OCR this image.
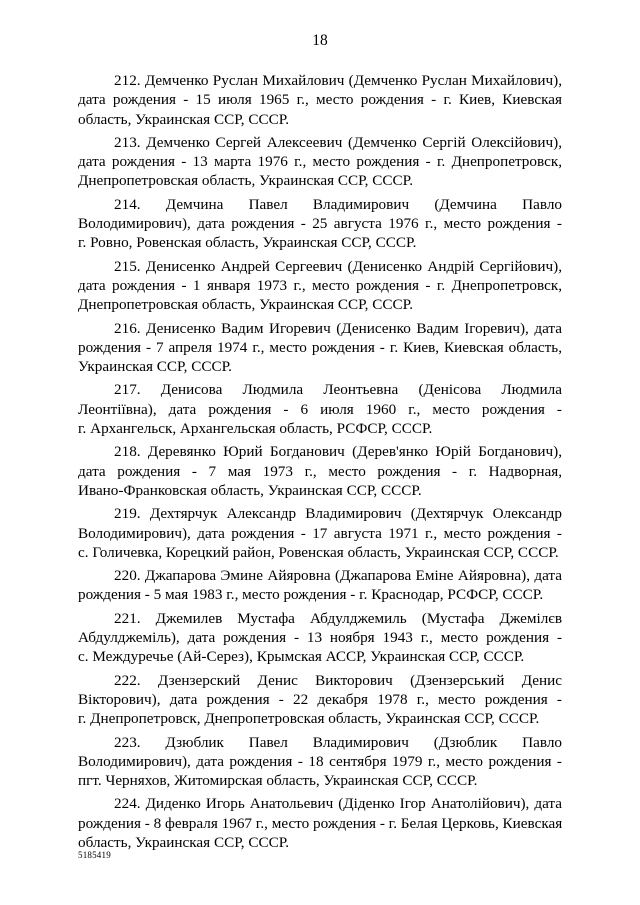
18
212. Демченко Руслан Михайлович (Демченко Руслан Михайлович),
дата рождения - 15 июля 1965 г., место рождения - г. Киев, Киевская
область, Украинская ССР, СССР.
213. Демченко Сергей Алексеевич (Демченко Сергій Олексійович),
дата рождения - 13 марта 1976 г., место рождения - г. Днепропетровск,
Днепропетровская область, Украинская ССР, СССР.
214. Демчина Павел Владимирович (Демчина Павло
Володимирович), дата рождения - 25 августа 1976 г., место рождения -
г. Ровно, Ровенская область, Украинская ССР, СССР.
215. Денисенко Андрей Сергеевич (Денисенко Андрій Сергійович),
дата рождения - 1 января 1973 г., место рождения - г. Днепропетровск,
Днепропетровская область, Украинская ССР, СССР.
216. Денисенко Вадим Игоревич (Денисенко Вадим Ігоревич), дата
рождения - 7 апреля 1974 г., место рождения - г. Киев, Киевская область,
Украинская ССР, СССР.
217. Денисова Людмила Леонтьевна (Денісова Людмила
Леонтіївна), дата рождения - 6 июля 1960 г., место рождения -
г. Архангельск, Архангельская область, РСФСР, СССР.
218. Деревянко Юрий Богданович (Дерев'янко Юрій Богданович),
дата рождения - 7 мая 1973 г., место рождения - г. Надворная,
Ивано-Франковская область, Украинская ССР, СССР.
219. Дехтярчук Александр Владимирович (Дехтярчук Олександр
Володимирович), дата рождения - 17 августа 1971 г., место рождения -
с. Голичевка, Корецкий район, Ровенская область, Украинская ССР, СССР.
220. Джапарова Эмине Айяровна (Джапарова Еміне Айяровна), дата
рождения - 5 мая 1983 г., место рождения - г. Краснодар, РСФСР, СССР.
221. Джемилев Мустафа Абдулджемиль (Мустафа Джемілєв
Абдулджеміль), дата рождения - 13 ноября 1943 г., место рождения -
с. Междуречье (Ай-Серез), Крымская АССР, Украинская ССР, СССР.
222. Дзензерский Денис Викторович (Дзензерський Денис
Вікторович), дата рождения - 22 декабря 1978 г., место рождения -
г. Днепропетровск, Днепропетровская область, Украинская ССР, СССР.
223. Дзюблик Павел Владимирович (Дзюблик Павло
Володимирович), дата рождения - 18 сентября 1979 г., место рождения -
пгт. Черняхов, Житомирская область, Украинская ССР, СССР.
224. Диденко Игорь Анатольевич (Діденко Ігор Анатолійович), дата
рождения - 8 февраля 1967 г., место рождения - г. Белая Церковь, Киевская
область, Украинская ССР, СССР.
5185419
